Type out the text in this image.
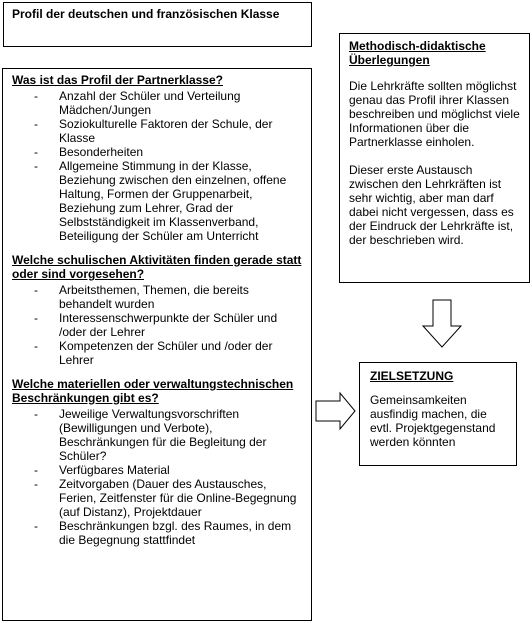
Profil der deutschen und französischen Klasse
Was ist das Profil der Partnerklasse?
- Anzahl der Schüler und Verteilung Mädchen/Jungen
- Soziokulturelle Faktoren der Schule, der Klasse
- Besonderheiten
- Allgemeine Stimmung in der Klasse, Beziehung zwischen den einzelnen, offene Haltung, Formen der Gruppenarbeit, Beziehung zum Lehrer, Grad der Selbstständigkeit im Klassenverband, Beteiligung der Schüler am Unterricht
Welche schulischen Aktivitäten finden gerade statt oder sind vorgesehen?
- Arbeitsthemen, Themen, die bereits behandelt wurden
- Interessenschwerpunkte der Schüler und /oder der Lehrer
- Kompetenzen der Schüler und /oder der Lehrer
Welche materiellen oder verwaltungstechnischen Beschränkungen gibt es?
- Jeweilige Verwaltungsvorschriften (Bewilligungen und Verbote), Beschränkungen für die Begleitung der Schüler?
- Verfügbares Material
- Zeitvorgaben (Dauer des Austausches, Ferien, Zeitfenster für die Online-Begegnung (auf Distanz), Projektdauer
- Beschränkungen bzgl. des Raumes, in dem die Begegnung stattfindet
Methodisch-didaktische Überlegungen
Die Lehrkräfte sollten möglichst genau das Profil ihrer Klassen beschreiben und möglichst viele Informationen über die Partnerklasse einholen.
Dieser erste Austausch zwischen den Lehrkräften ist sehr wichtig, aber man darf dabei nicht vergessen, dass es der Eindruck der Lehrkräfte ist, der beschrieben wird.
ZIELSETZUNG
Gemeinsamkeiten ausfindig machen, die evtl. Projektgegenstand werden könnten
